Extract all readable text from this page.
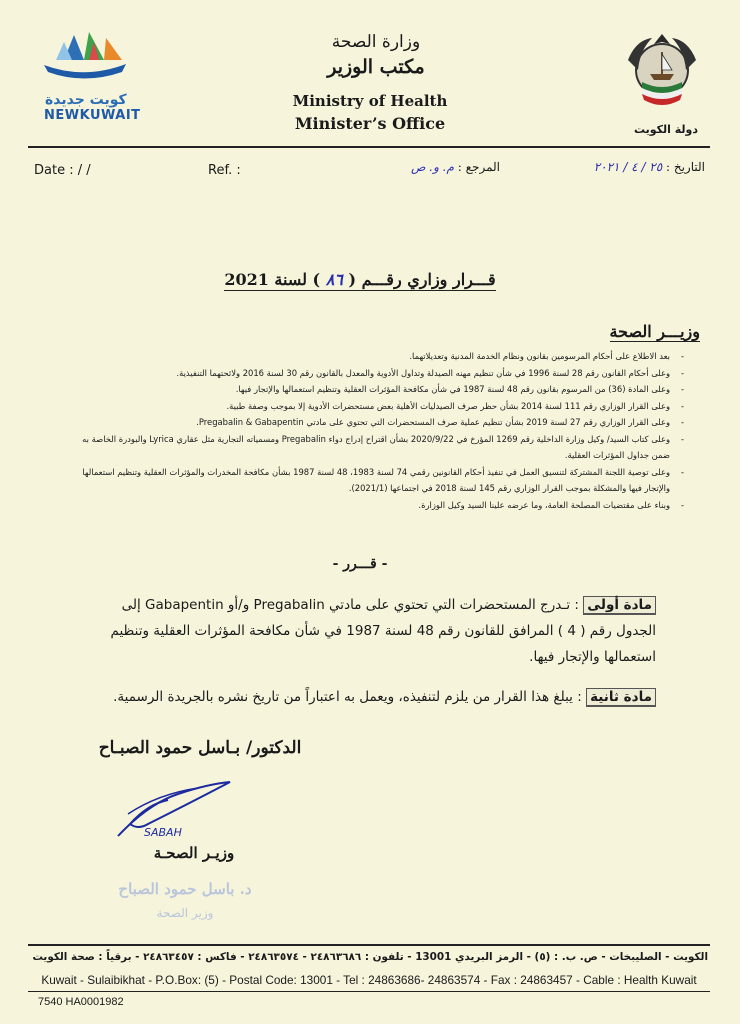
كويت جديدة
NEWKUWAIT
وزارة الصحة
مكتب الوزير
Ministry of Health
Minister’s Office	دولة الكويت
Date : / /	Ref. :	التاريخ : ٢٥ / ٤ / ٢٠٢١
المرجع : م. و. ص
قـــرار وزاري رقـــم ( ٨٦ ) لسنة 2021
وزيـــر الصحة
- بعد الاطلاع على أحكام المرسومين بقانون ونظام الخدمة المدنية وتعديلاتهما.
- وعلى أحكام القانون رقم 28 لسنة 1996 في شأن تنظيم مهنه الصيدلة وتداول الأدوية والمعدل بالقانون رقم 30 لسنة 2016 ولائحتهما التنفيذية.
- وعلى المادة (36) من المرسوم بقانون رقم 48 لسنة 1987 في شأن مكافحة المؤثرات العقلية وتنظيم استعمالها والإتجار فيها.
- وعلى القرار الوزاري رقم 111 لسنة 2014 بشأن حظر صرف الصيدليات الأهلية بعض مستحضرات الأدوية إلا بموجب وصفة طبية.
- وعلى القرار الوزاري رقم 27 لسنة 2019 بشأن تنظيم عملية صرف المستحضرات التي تحتوي على مادتي Pregabalin & Gabapentin.
- وعلى كتاب السيد/ وكيل وزارة الداخلية رقم 1269 المؤرخ في 2020/9/22 بشأن اقتراح إدراج دواء Pregabalin ومسمياته التجارية مثل عقاري Lyrica والبودرة الخاصة به ضمن جداول المؤثرات العقلية.
- وعلى توصية اللجنة المشتركة لتنسيق العمل في تنفيذ أحكام القانونين رقمي 74 لسنة 1983، 48 لسنة 1987 بشأن مكافحة المخدرات والمؤثرات العقلية وتنظيم استعمالها والإتجار فيها والمشكلة بموجب القرار الوزاري رقم 145 لسنة 2018 في اجتماعها (2021/1).
- وبناء على مقتضيات المصلحة العامة، وما عرضه علينا السيد وكيل الوزارة.
- قـــرر -
مادة أولى : تـدرج المستحضرات التي تحتوي على مادتي Pregabalin و/أو Gabapentin إلى الجدول رقم ( 4 ) المرافق للقانون رقم 48 لسنة 1987 في شأن مكافحة المؤثرات العقلية وتنظيم استعمالها والإتجار فيها.
مادة ثانية : يبلغ هذا القرار من يلزم لتنفيذه، ويعمل به اعتباراً من تاريخ نشره بالجريدة الرسمية.
الدكتور/ بـاسل حمود الصبـاح
SABAH
وزيـر الصحـة
د. باسل حمود الصباح
وزير الصحة
الكويت - الصليبخات - ص. ب. : (٥) - الرمز البريدي 13001 - تلفون : ٢٤٨٦٣٦٨٦ - ٢٤٨٦٣٥٧٤ - فاكس : ٢٤٨٦٣٤٥٧ - برقياً : صحة الكويت
Kuwait - Sulaibikhat - P.O.Box: (5) - Postal Code: 13001 - Tel : 24863686- 24863574 - Fax : 24863457 - Cable : Health Kuwait
7540 HA0001982
